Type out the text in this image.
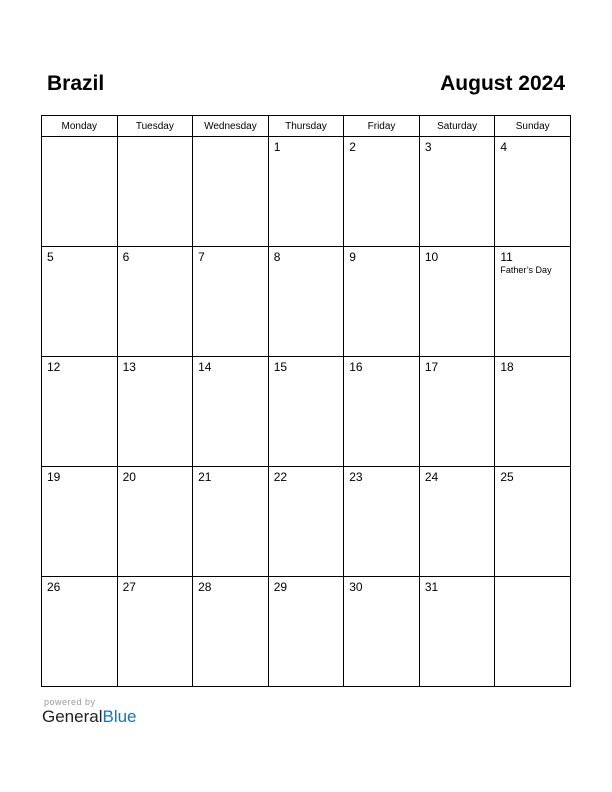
Brazil	August 2024
Monday	Tuesday	Wednesday	Thursday	Friday	Saturday	Sunday

			1	2	3	4

5	6	7	8	9	10	11
Father’s Day

12	13	14	15	16	17	18

19	20	21	22	23	24	25

26	27	28	29	30	31	

powered by
GeneralBlue
